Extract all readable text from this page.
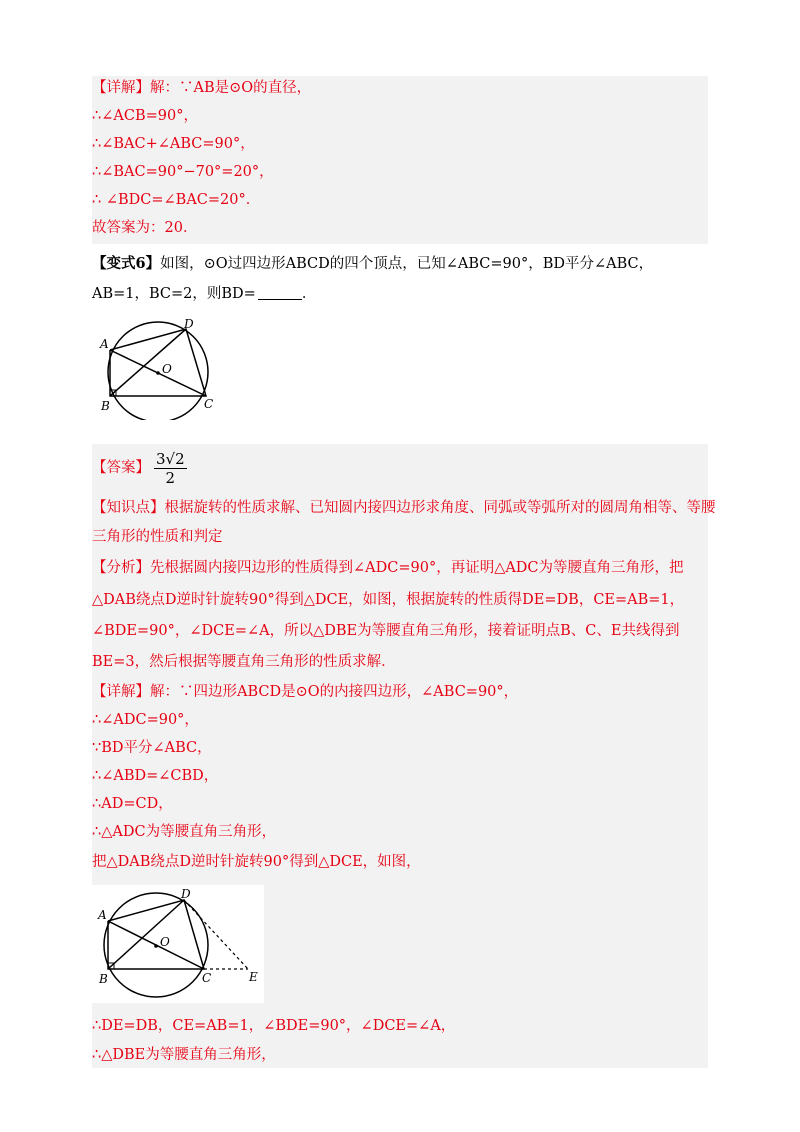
【详解】解：∵AB是⊙O的直径，
∴∠ACB=90°，
∴∠BAC+∠ABC=90°，
∴∠BAC=90°−70°=20°，
∴ ∠BDC=∠BAC=20°．
故答案为：20．
【变式6】如图，⊙O过四边形ABCD的四个顶点，已知∠ABC=90°，BD平分∠ABC，
AB=1，BC=2，则BD=	．
A
B	C
D
O
【答案】 $\frac{3√2}{2}$
【知识点】根据旋转的性质求解、已知圆内接四边形求角度、同弧或等弧所对的圆周角相等、等腰
三角形的性质和判定
【分析】先根据圆内接四边形的性质得到∠ADC=90°，再证明△ADC为等腰直角三角形，把
△DAB绕点D逆时针旋转90°得到△DCE，如图，根据旋转的性质得DE=DB，CE=AB=1，
∠BDE=90°，∠DCE=∠A，所以△DBE为等腰直角三角形，接着证明点B、C、E共线得到
BE=3，然后根据等腰直角三角形的性质求解．
【详解】解：∵四边形ABCD是⊙O的内接四边形，∠ABC=90°，
∴∠ADC=90°，
∵BD平分∠ABC，
∴∠ABD=∠CBD，
∴AD=CD，
∴△ADC为等腰直角三角形，
把△DAB绕点D逆时针旋转90°得到△DCE，如图，
A
B	C
D
O
E
∴DE=DB，CE=AB=1，∠BDE=90°，∠DCE=∠A，
∴△DBE为等腰直角三角形，
